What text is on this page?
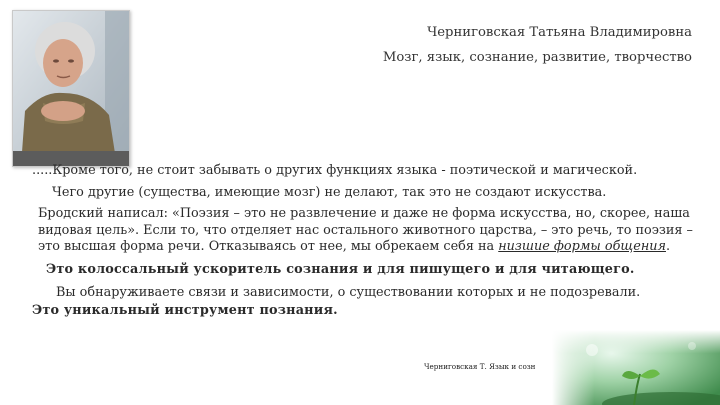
Черниговская Татьяна Владимировна
Мозг, язык, сознание, развитие, творчество

.....Кроме того, не стоит забывать о других функциях языка - поэтической и магической.

Чего другие (существа, имеющие мозг) не делают, так это не создают искусства.

Бродский написал: «Поэзия – это не развлечение и даже не форма искусства, но, скорее, наша видовая цель». Если то, что отделяет нас остального животного царства, – это речь, то поэзия – это высшая форма речи. Отказываясь от нее, мы обрекаем себя на низшие формы общения.

Это колоссальный ускоритель сознания и для пишущего и для читающего.

Вы обнаруживаете связи и зависимости, о существовании которых и не подозревали.

Это уникальный инструмент познания.

Черниговская Т. Язык и созн
